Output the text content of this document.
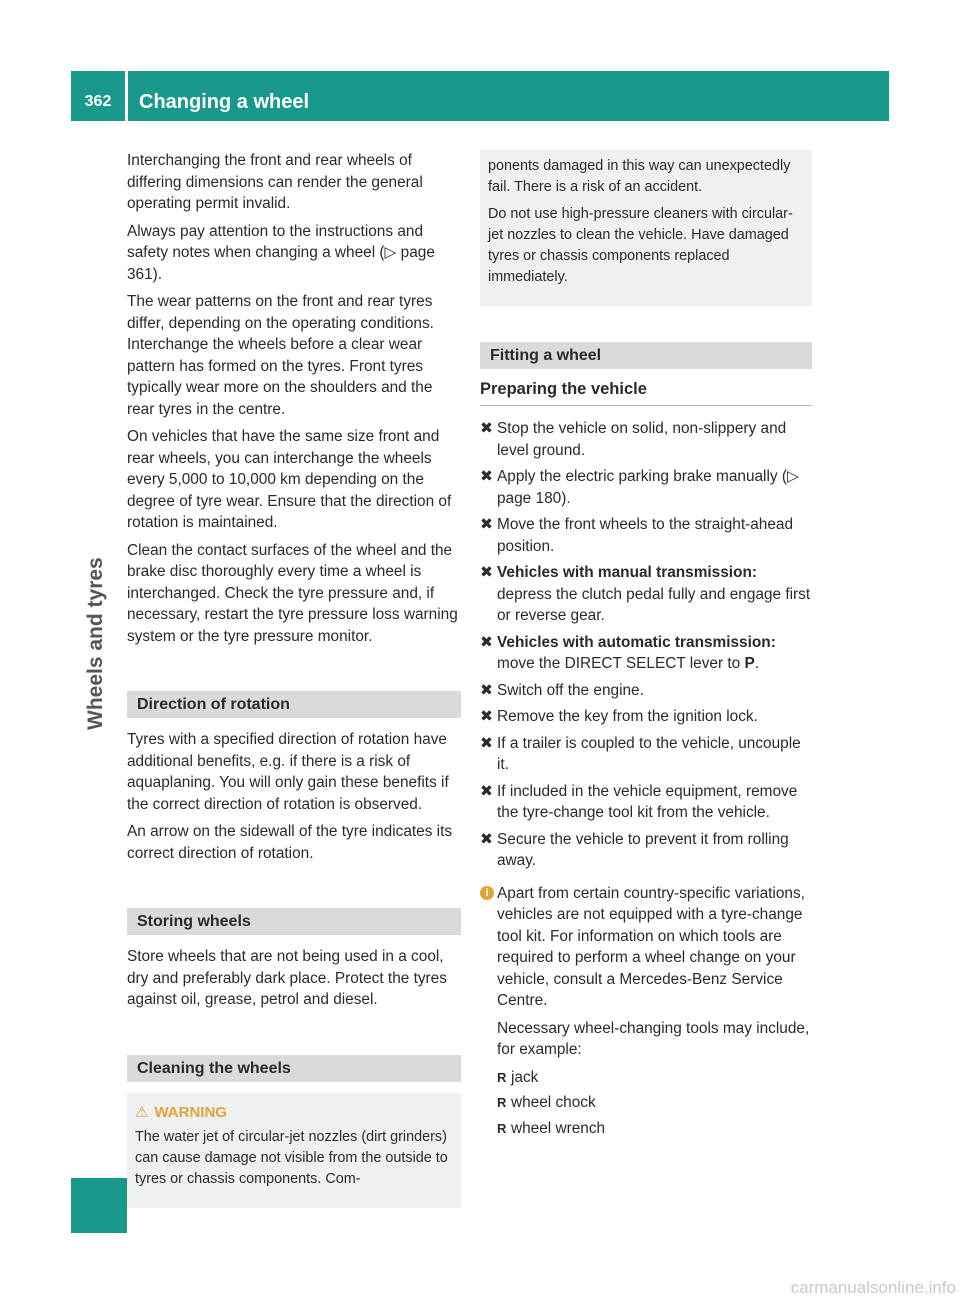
362	Changing a wheel
Wheels and tyres

Interchanging the front and rear wheels of differing dimensions can render the general operating permit invalid.

Always pay attention to the instructions and safety notes when changing a wheel (▷ page 361).

The wear patterns on the front and rear tyres differ, depending on the operating conditions. Interchange the wheels before a clear wear pattern has formed on the tyres. Front tyres typically wear more on the shoulders and the rear tyres in the centre.

On vehicles that have the same size front and rear wheels, you can interchange the wheels every 5,000 to 10,000 km depending on the degree of tyre wear. Ensure that the direction of rotation is maintained.

Clean the contact surfaces of the wheel and the brake disc thoroughly every time a wheel is interchanged. Check the tyre pressure and, if necessary, restart the tyre pressure loss warning system or the tyre pressure monitor.

Direction of rotation

Tyres with a specified direction of rotation have additional benefits, e.g. if there is a risk of aquaplaning. You will only gain these benefits if the correct direction of rotation is observed.

An arrow on the sidewall of the tyre indicates its correct direction of rotation.

Storing wheels

Store wheels that are not being used in a cool, dry and preferably dark place. Protect the tyres against oil, grease, petrol and diesel.

Cleaning the wheels
⚠ WARNING

The water jet of circular-jet nozzles (dirt grinders) can cause damage not visible from the outside to tyres or chassis components. Com-

ponents damaged in this way can unexpectedly fail. There is a risk of an accident.

Do not use high-pressure cleaners with circular-jet nozzles to clean the vehicle. Have damaged tyres or chassis components replaced immediately.

Fitting a wheel
Preparing the vehicle
✖ Stop the vehicle on solid, non-slippery and level ground.
✖ Apply the electric parking brake manually (▷ page 180).
✖ Move the front wheels to the straight-ahead position.
✖ Vehicles with manual transmission:
depress the clutch pedal fully and engage first or reverse gear.
✖ Vehicles with automatic transmission:
move the DIRECT SELECT lever to P.
✖ Switch off the engine.
✖ Remove the key from the ignition lock.
✖ If a trailer is coupled to the vehicle, uncouple it.
✖ If included in the vehicle equipment, remove the tyre-change tool kit from the vehicle.
✖ Secure the vehicle to prevent it from rolling away.
i Apart from certain country-specific variations, vehicles are not equipped with a tyre-change tool kit. For information on which tools are required to perform a wheel change on your vehicle, consult a Mercedes-Benz Service Centre.

Necessary wheel-changing tools may include, for example:

R jack
R wheel chock
R wheel wrench
carmanualsonline.info
